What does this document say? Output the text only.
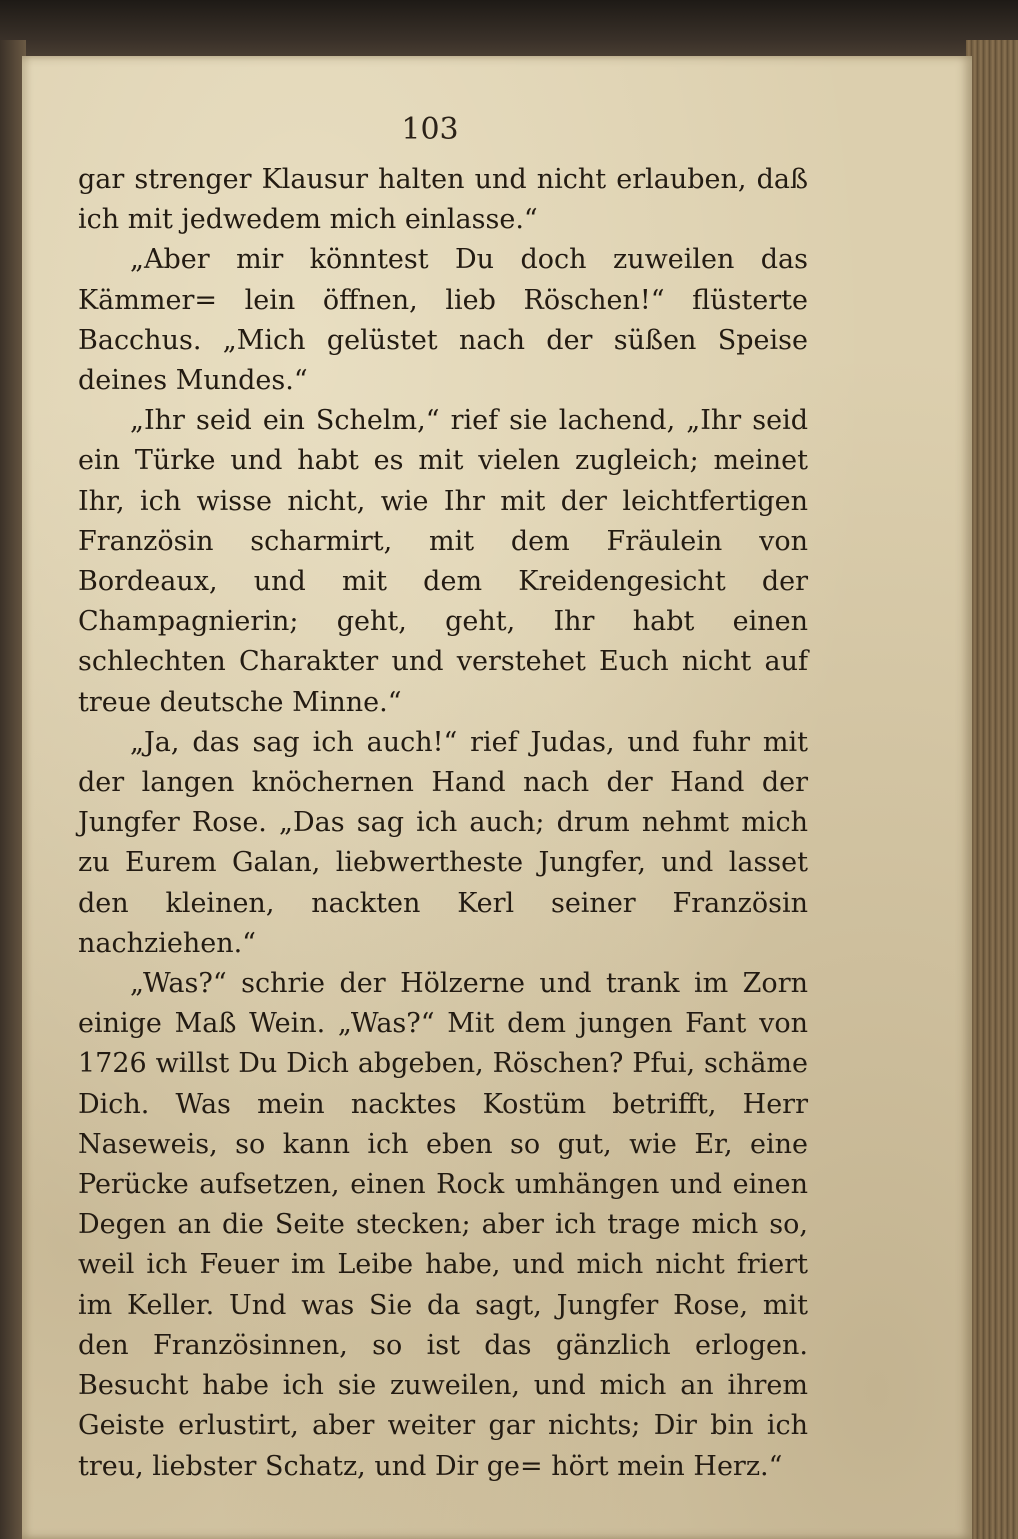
103

gar strenger Klausur halten und nicht erlauben, daß ich mit jedwedem mich einlasse.“

„Aber mir könntest Du doch zuweilen das Kämmer= lein öffnen, lieb Röschen!“ flüsterte Bacchus. „Mich gelüstet nach der süßen Speise deines Mundes.“

„Ihr seid ein Schelm,“ rief sie lachend, „Ihr seid ein Türke und habt es mit vielen zugleich; meinet Ihr, ich wisse nicht, wie Ihr mit der leichtfertigen Französin scharmirt, mit dem Fräulein von Bordeaux, und mit dem Kreidengesicht der Champagnierin; geht, geht, Ihr habt einen schlechten Charakter und verstehet Euch nicht auf treue deutsche Minne.“

„Ja, das sag ich auch!“ rief Judas, und fuhr mit der langen knöchernen Hand nach der Hand der Jungfer Rose. „Das sag ich auch; drum nehmt mich zu Eurem Galan, liebwertheste Jungfer, und lasset den kleinen, nackten Kerl seiner Französin nachziehen.“

„Was?“ schrie der Hölzerne und trank im Zorn einige Maß Wein. „Was?“ Mit dem jungen Fant von 1726 willst Du Dich abgeben, Röschen? Pfui, schäme Dich. Was mein nacktes Kostüm betrifft, Herr Naseweis, so kann ich eben so gut, wie Er, eine Perücke aufsetzen, einen Rock umhängen und einen Degen an die Seite stecken; aber ich trage mich so, weil ich Feuer im Leibe habe, und mich nicht friert im Keller. Und was Sie da sagt, Jungfer Rose, mit den Französinnen, so ist das gänzlich erlogen. Besucht habe ich sie zuweilen, und mich an ihrem Geiste erlustirt, aber weiter gar nichts; Dir bin ich treu, liebster Schatz, und Dir ge= hört mein Herz.“
